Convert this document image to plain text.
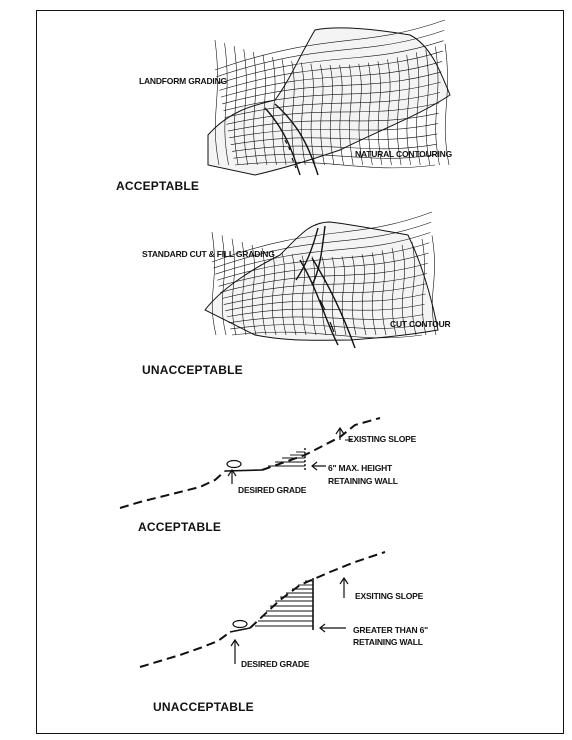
LANDFORM GRADING
NATURAL CONTOURING
ACCEPTABLE
STANDARD CUT & FILL GRADING
CUT CONTOUR
UNACCEPTABLE
EXISTING SLOPE
6" MAX. HEIGHT
RETAINING WALL
DESIRED GRADE
ACCEPTABLE
EXSITING SLOPE
GREATER THAN 6"
RETAINING WALL
DESIRED GRADE
UNACCEPTABLE
